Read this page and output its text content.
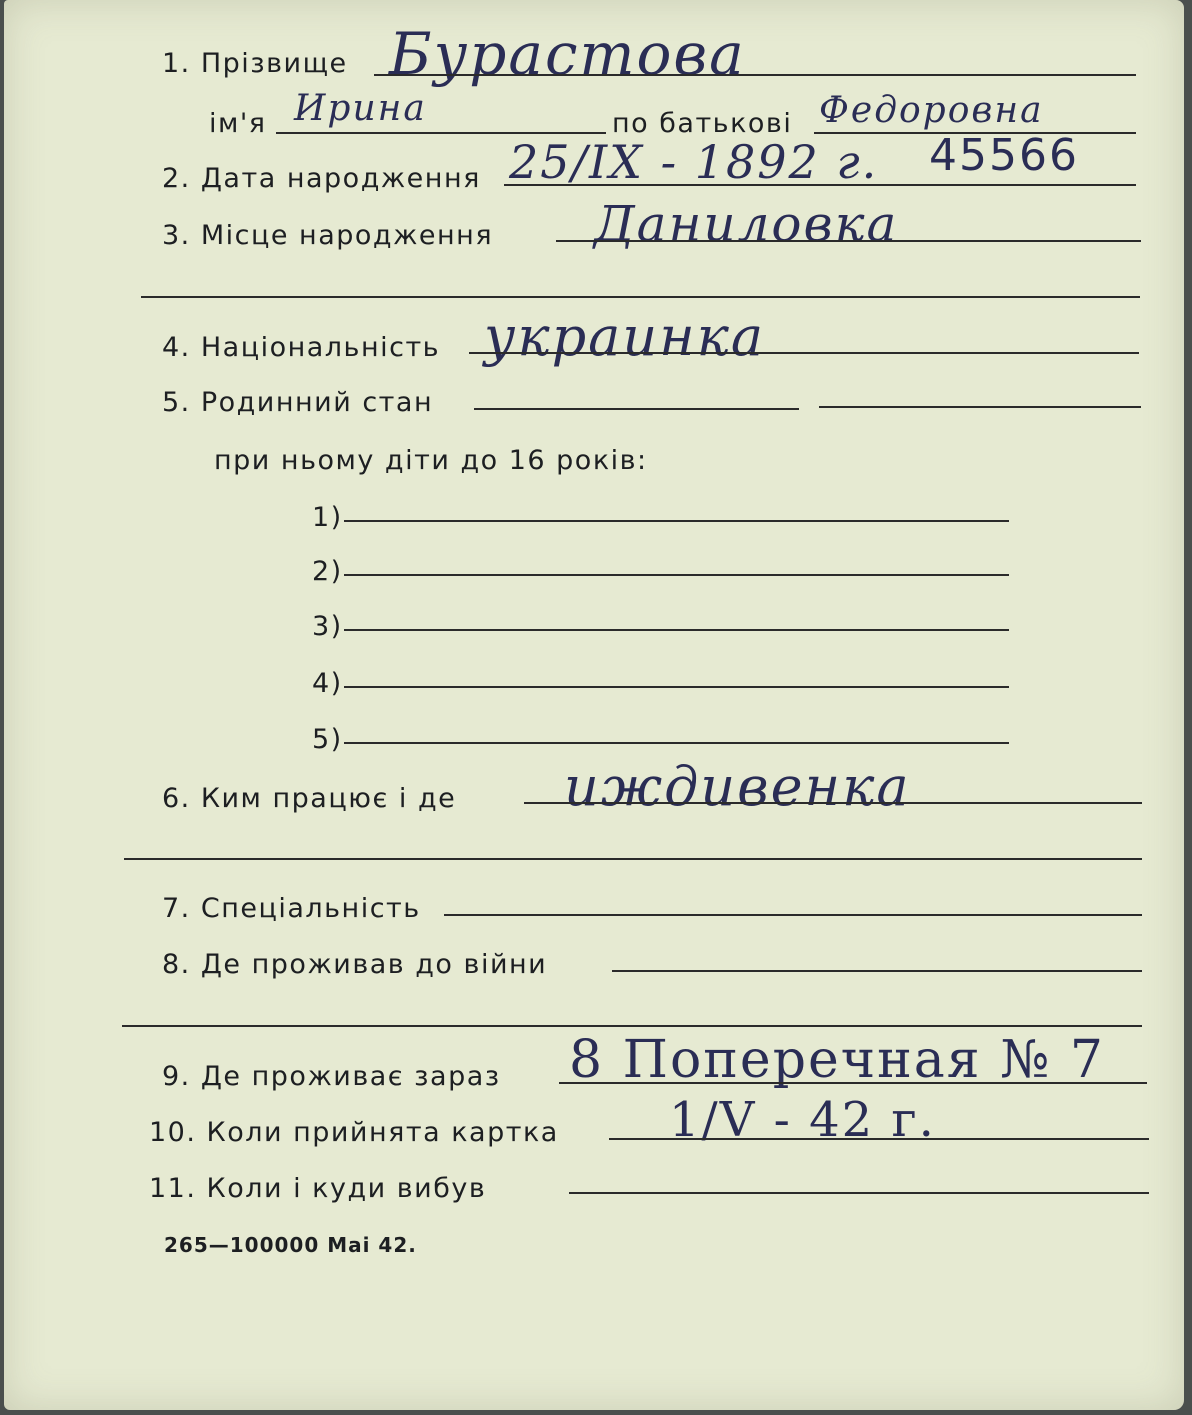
1. Прізвище Бурастова
ім'я Ирина	по батькові Федоровна
2. Дата народження 25/IX - 1892 г. 45566
3. Місце народження Даниловка
4. Національність украинка
5. Родинний стан
при ньому діти до 16 років:
1)
2)
3)
4)
5)
6. Ким працює і де иждивенка
7. Спеціальність
8. Де проживав до війни
9. Де проживає зараз 8 Поперечная № 7
10. Коли прийнята картка 1/V - 42 г.
11. Коли і куди вибув
265—100000 Mai 42.
